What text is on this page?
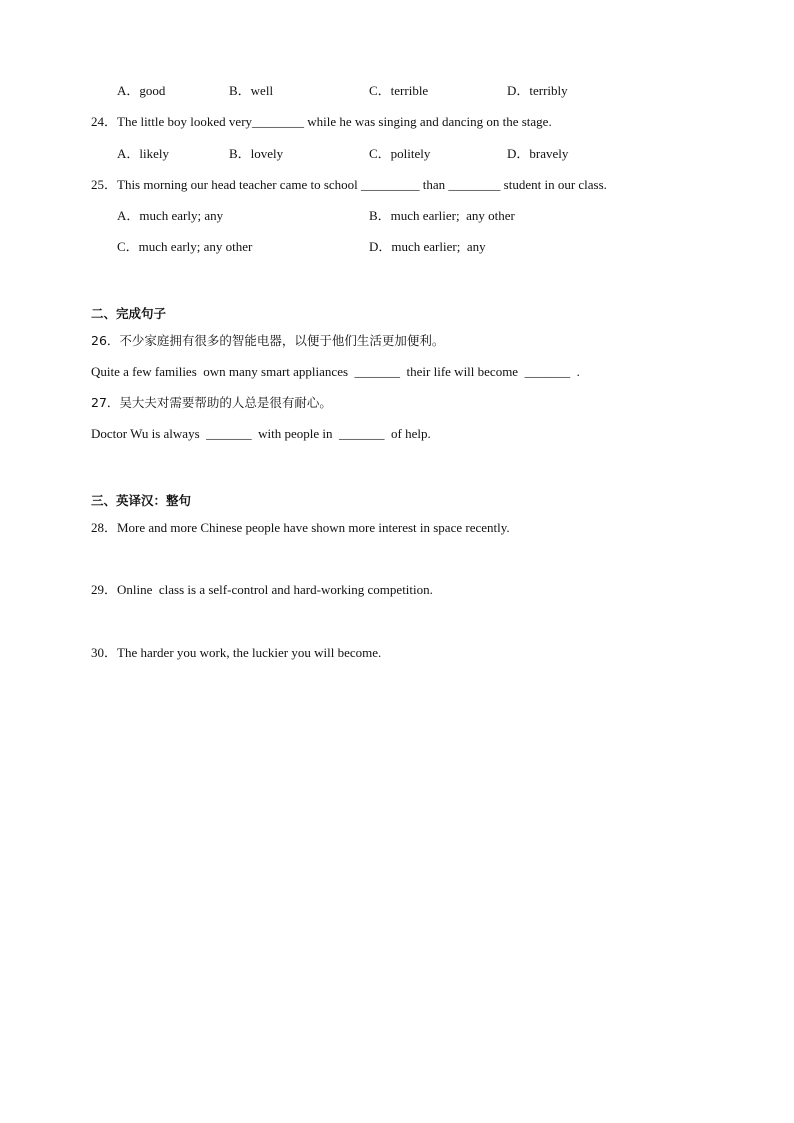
A．good	B．well	C．terrible	D．terribly
24．The little boy looked very________ while he was singing and dancing on the stage.
A．likely	B．lovely	C．politely	D．bravely
25．This morning our head teacher came to school _________ than ________ student in our class.
A．much early; any	B．much earlier;  any other
C．much early; any other	D．much earlier;  any
二、完成句子
26．不少家庭拥有很多的智能电器，以便于他们生活更加便利。
Quite a few families  own many smart appliances  _______  their life will become  _______  .
27．吴大夫对需要帮助的人总是很有耐心。
Doctor Wu is always  _______  with people in  _______  of help.
三、英译汉：整句
28．More and more Chinese people have shown more interest in space recently.
29．Online  class is a self-control and hard-working competition.
30．The harder you work, the luckier you will become.
